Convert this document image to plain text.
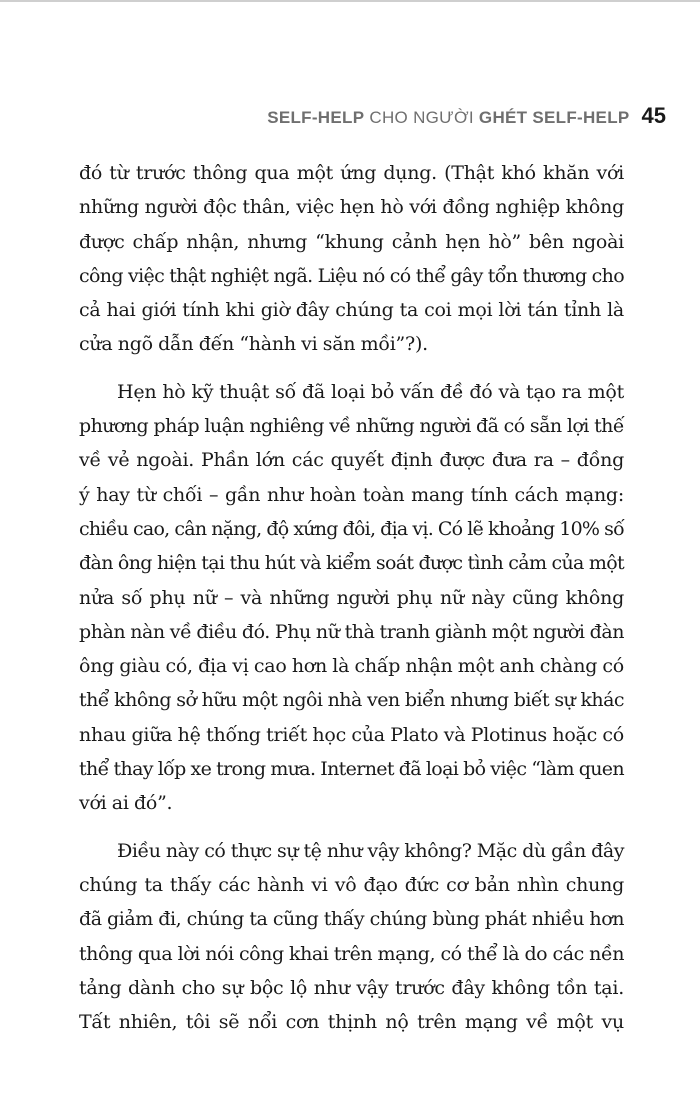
SELF-HELP CHO NGƯỜI GHÉT SELF-HELP 45
đó từ trước thông qua một ứng dụng. (Thật khó khăn với
những người độc thân, việc hẹn hò với đồng nghiệp không
được chấp nhận, nhưng “khung cảnh hẹn hò” bên ngoài
công việc thật nghiệt ngã. Liệu nó có thể gây tổn thương cho
cả hai giới tính khi giờ đây chúng ta coi mọi lời tán tỉnh là
cửa ngõ dẫn đến “hành vi săn mồi”?).
Hẹn hò kỹ thuật số đã loại bỏ vấn đề đó và tạo ra một
phương pháp luận nghiêng về những người đã có sẵn lợi thế
về vẻ ngoài. Phần lớn các quyết định được đưa ra – đồng
ý hay từ chối – gần như hoàn toàn mang tính cách mạng:
chiều cao, cân nặng, độ xứng đôi, địa vị. Có lẽ khoảng 10% số
đàn ông hiện tại thu hút và kiểm soát được tình cảm của một
nửa số phụ nữ – và những người phụ nữ này cũng không
phàn nàn về điều đó. Phụ nữ thà tranh giành một người đàn
ông giàu có, địa vị cao hơn là chấp nhận một anh chàng có
thể không sở hữu một ngôi nhà ven biển nhưng biết sự khác
nhau giữa hệ thống triết học của Plato và Plotinus hoặc có
thể thay lốp xe trong mưa. Internet đã loại bỏ việc “làm quen
với ai đó”.
Điều này có thực sự tệ như vậy không? Mặc dù gần đây
chúng ta thấy các hành vi vô đạo đức cơ bản nhìn chung
đã giảm đi, chúng ta cũng thấy chúng bùng phát nhiều hơn
thông qua lời nói công khai trên mạng, có thể là do các nền
tảng dành cho sự bộc lộ như vậy trước đây không tồn tại.
Tất nhiên, tôi sẽ nổi cơn thịnh nộ trên mạng về một vụ
